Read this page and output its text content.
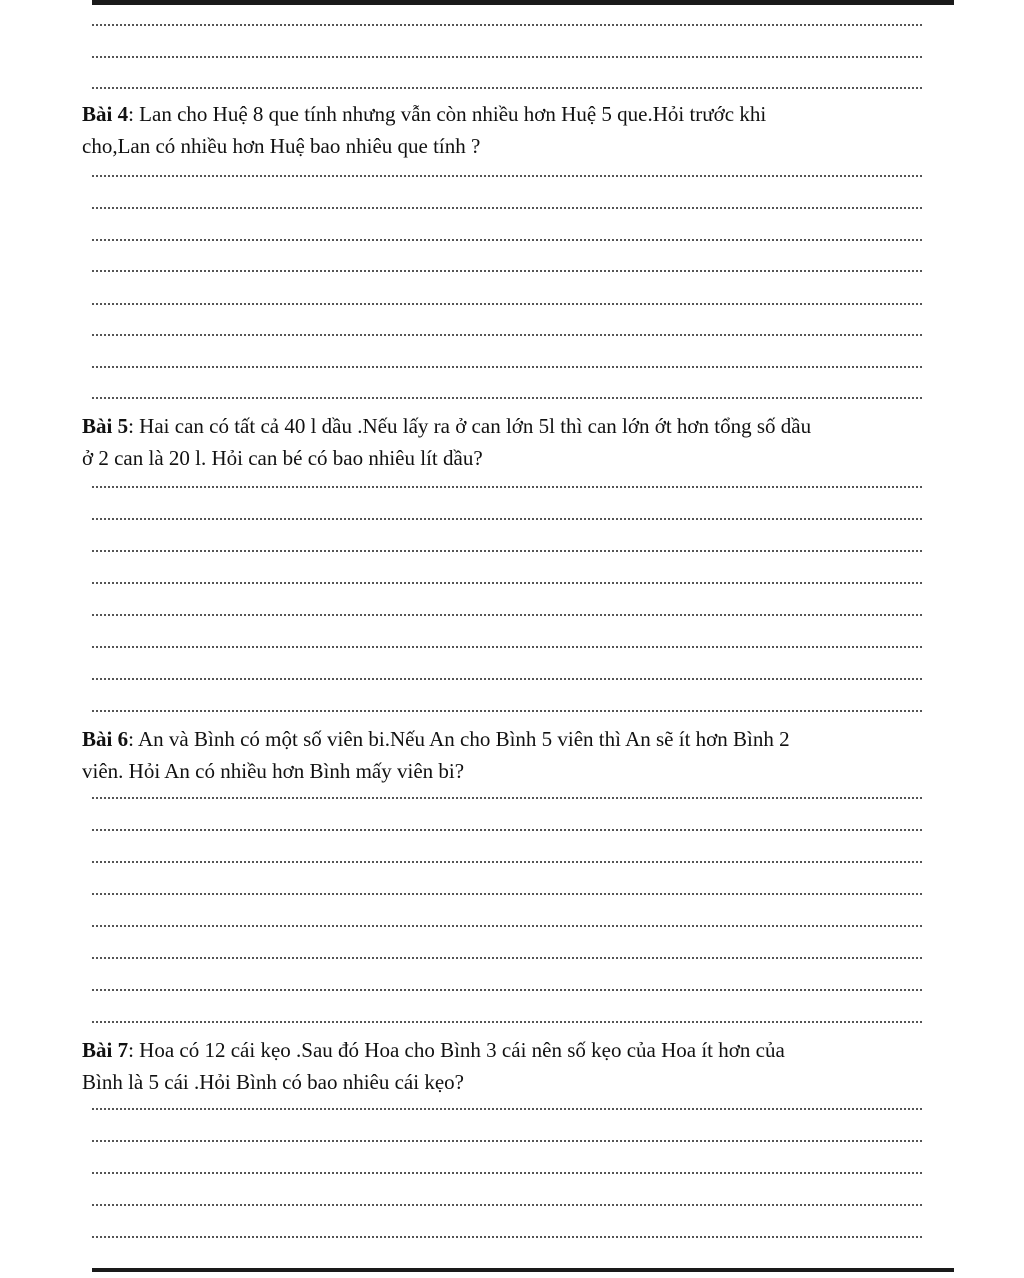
Bài 4: Lan cho Huệ 8 que tính nhưng vẫn còn nhiều hơn Huệ 5 que.Hỏi trước khi
cho,Lan có nhiều hơn Huệ bao nhiêu que tính ?
Bài 5: Hai can có tất cả 40 l dầu .Nếu lấy ra ở can lớn 5l thì can lớn ớt hơn tổng số dầu
ở 2 can là 20 l. Hỏi can bé có bao nhiêu lít dầu?
Bài 6: An và Bình có một số viên bi.Nếu An cho Bình 5 viên thì An sẽ ít hơn Bình 2
viên. Hỏi An có nhiều hơn Bình mấy viên bi?
Bài 7: Hoa có 12 cái kẹo .Sau đó Hoa cho Bình 3 cái nên số kẹo của Hoa ít hơn của
Bình là 5 cái .Hỏi Bình có bao nhiêu cái kẹo?
